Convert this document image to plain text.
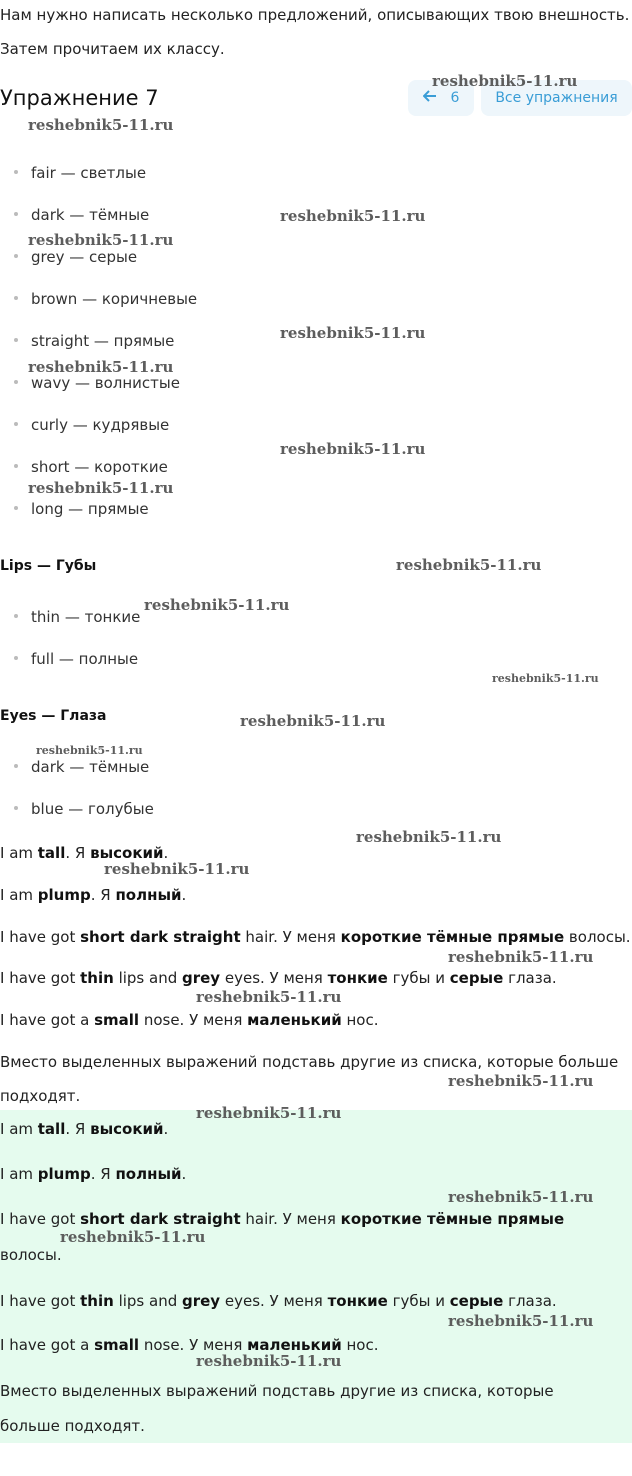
Нам нужно написать несколько предложений, описывающих твою внешность.
Затем прочитаем их классу.
Упражнение 7	6	Все упражнения
fair — светлые
dark — тёмные
grey — серые
brown — коричневые
straight — прямые
wavy — волнистые
curly — кудрявые
short — короткие
long — прямые
Lips — Губы
thin — тонкие
full — полные
Eyes — Глаза
dark — тёмные
blue — голубые
I am tall. Я высокий.
I am plump. Я полный.
I have got short dark straight hair. У меня короткие тёмные прямые волосы.
I have got thin lips and grey eyes. У меня тонкие губы и серые глаза.
I have got a small nose. У меня маленький нос.
Вместо выделенных выражений подставь другие из списка, которые больше
подходят.
I am tall. Я высокий.
I am plump. Я полный.
I have got short dark straight hair. У меня короткие тёмные прямые
волосы.
I have got thin lips and grey eyes. У меня тонкие губы и серые глаза.
I have got a small nose. У меня маленький нос.
Вместо выделенных выражений подставь другие из списка, которые
больше подходят.
reshebnik5-11.ru
reshebnik5-11.ru
reshebnik5-11.ru
reshebnik5-11.ru
reshebnik5-11.ru
reshebnik5-11.ru
reshebnik5-11.ru
reshebnik5-11.ru
reshebnik5-11.ru
reshebnik5-11.ru
reshebnik5-11.ru
reshebnik5-11.ru
reshebnik5-11.ru
reshebnik5-11.ru
reshebnik5-11.ru
reshebnik5-11.ru
reshebnik5-11.ru
reshebnik5-11.ru
reshebnik5-11.ru
reshebnik5-11.ru
reshebnik5-11.ru
reshebnik5-11.ru
reshebnik5-11.ru
